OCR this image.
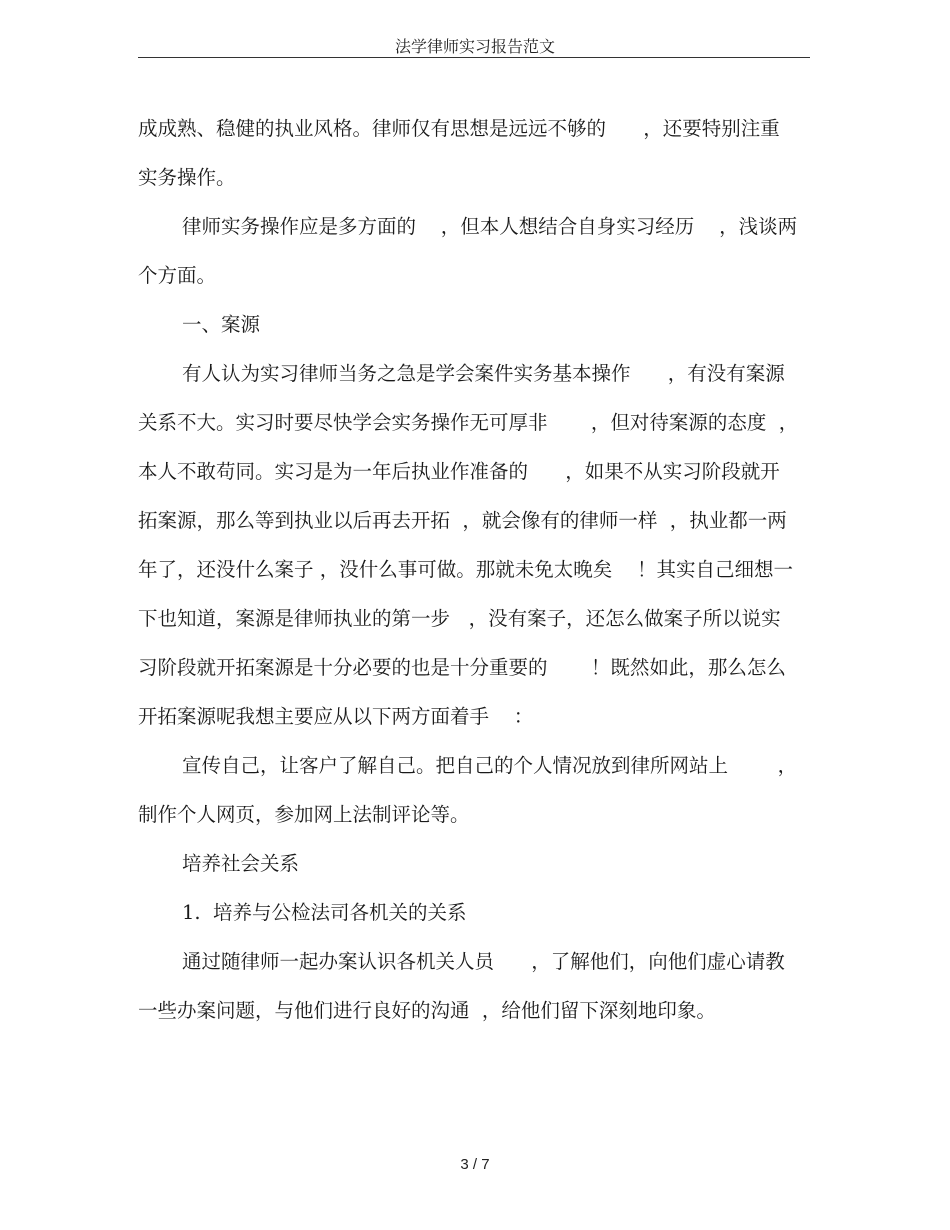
法学律师实习报告范文
成成熟、稳健的执业风格。律师仅有思想是远远不够的      ，还要特别注重
实务操作。
律师实务操作应是多方面的    ，但本人想结合自身实习经历    ，浅谈两
个方面。
一、案源
有人认为实习律师当务之急是学会案件实务基本操作      ，有没有案源
关系不大。实习时要尽快学会实务操作无可厚非       ，但对待案源的态度  ，
本人不敢苟同。实习是为一年后执业作准备的      ，如果不从实习阶段就开
拓案源，那么等到执业以后再去开拓  ，就会像有的律师一样  ，执业都一两
年了，还没什么案子 ，没什么事可做。那就未免太晚矣    ！其实自己细想一
下也知道，案源是律师执业的第一步   ，没有案子，还怎么做案子所以说实
习阶段就开拓案源是十分必要的也是十分重要的       ！既然如此，那么怎么
开拓案源呢我想主要应从以下两方面着手    ：
宣传自己，让客户了解自己。把自己的个人情况放到律所网站上        ，
制作个人网页，参加网上法制评论等。
培养社会关系
1.  培养与公检法司各机关的关系
通过随律师一起办案认识各机关人员      ，了解他们，向他们虚心请教
一些办案问题，与他们进行良好的沟通  ，给他们留下深刻地印象。
3 / 7
